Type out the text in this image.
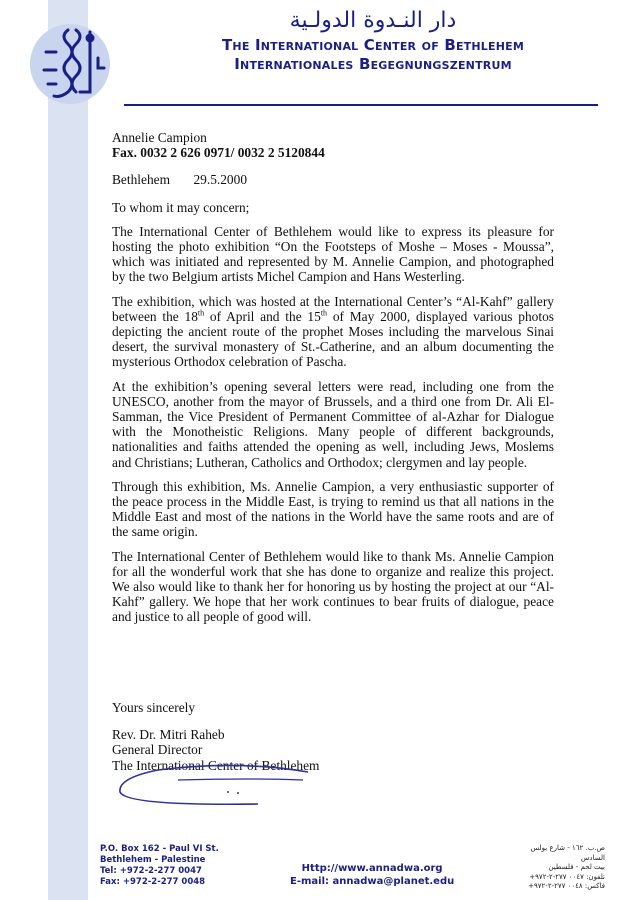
دار النـدوة الدولـية
The International Center of Bethlehem
Internationales Begegnungszentrum
Annelie Campion
Fax. 0032 2 626 0971/ 0032 2 5120844
Bethlehem 29.5.2000

To whom it may concern;

The International Center of Bethlehem would like to express its pleasure for hosting the photo exhibition “On the Footsteps of Moshe – Moses - Moussa”, which was initiated and represented by M. Annelie Campion, and photographed by the two Belgium artists Michel Campion and Hans Westerling.

The exhibition, which was hosted at the International Center’s “Al-Kahf” gallery between the 18th of April and the 15th of May 2000, displayed various photos depicting the ancient route of the prophet Moses including the marvelous Sinai desert, the survival monastery of St.-Catherine, and an album documenting the mysterious Orthodox celebration of Pascha.

At the exhibition’s opening several letters were read, including one from the UNESCO, another from the mayor of Brussels, and a third one from Dr. Ali El-Samman, the Vice President of Permanent Committee of al-Azhar for Dialogue with the Monotheistic Religions. Many people of different backgrounds, nationalities and faiths attended the opening as well, including Jews, Moslems and Christians; Lutheran, Catholics and Orthodox; clergymen and lay people.

Through this exhibition, Ms. Annelie Campion, a very enthusiastic supporter of the peace process in the Middle East, is trying to remind us that all nations in the Middle East and most of the nations in the World have the same roots and are of the same origin.

The International Center of Bethlehem would like to thank Ms. Annelie Campion for all the wonderful work that she has done to organize and realize this project. We also would like to thank her for honoring us by hosting the project at our “Al-Kahf” gallery. We hope that her work continues to bear fruits of dialogue, peace and justice to all people of good will.

Yours sincerely
Rev. Dr. Mitri Raheb
General Director
The International Center of Bethlehem
P.O. Box 162 - Paul VI St.
Bethlehem - Palestine
Tel: +972-2-277 0047
Fax: +972-2-277 0048
Http://www.annadwa.org
E-mail: annadwa@planet.edu
ص.ب. ١٦٢ - شارع بولس السادس
بيت لحم - فلسطين
تلفون: ٠٠٤٧ ٢٧٧-٢-٩٧٢+
فاكس: ٠٠٤٨ ٢٧٧-٢-٩٧٢+
